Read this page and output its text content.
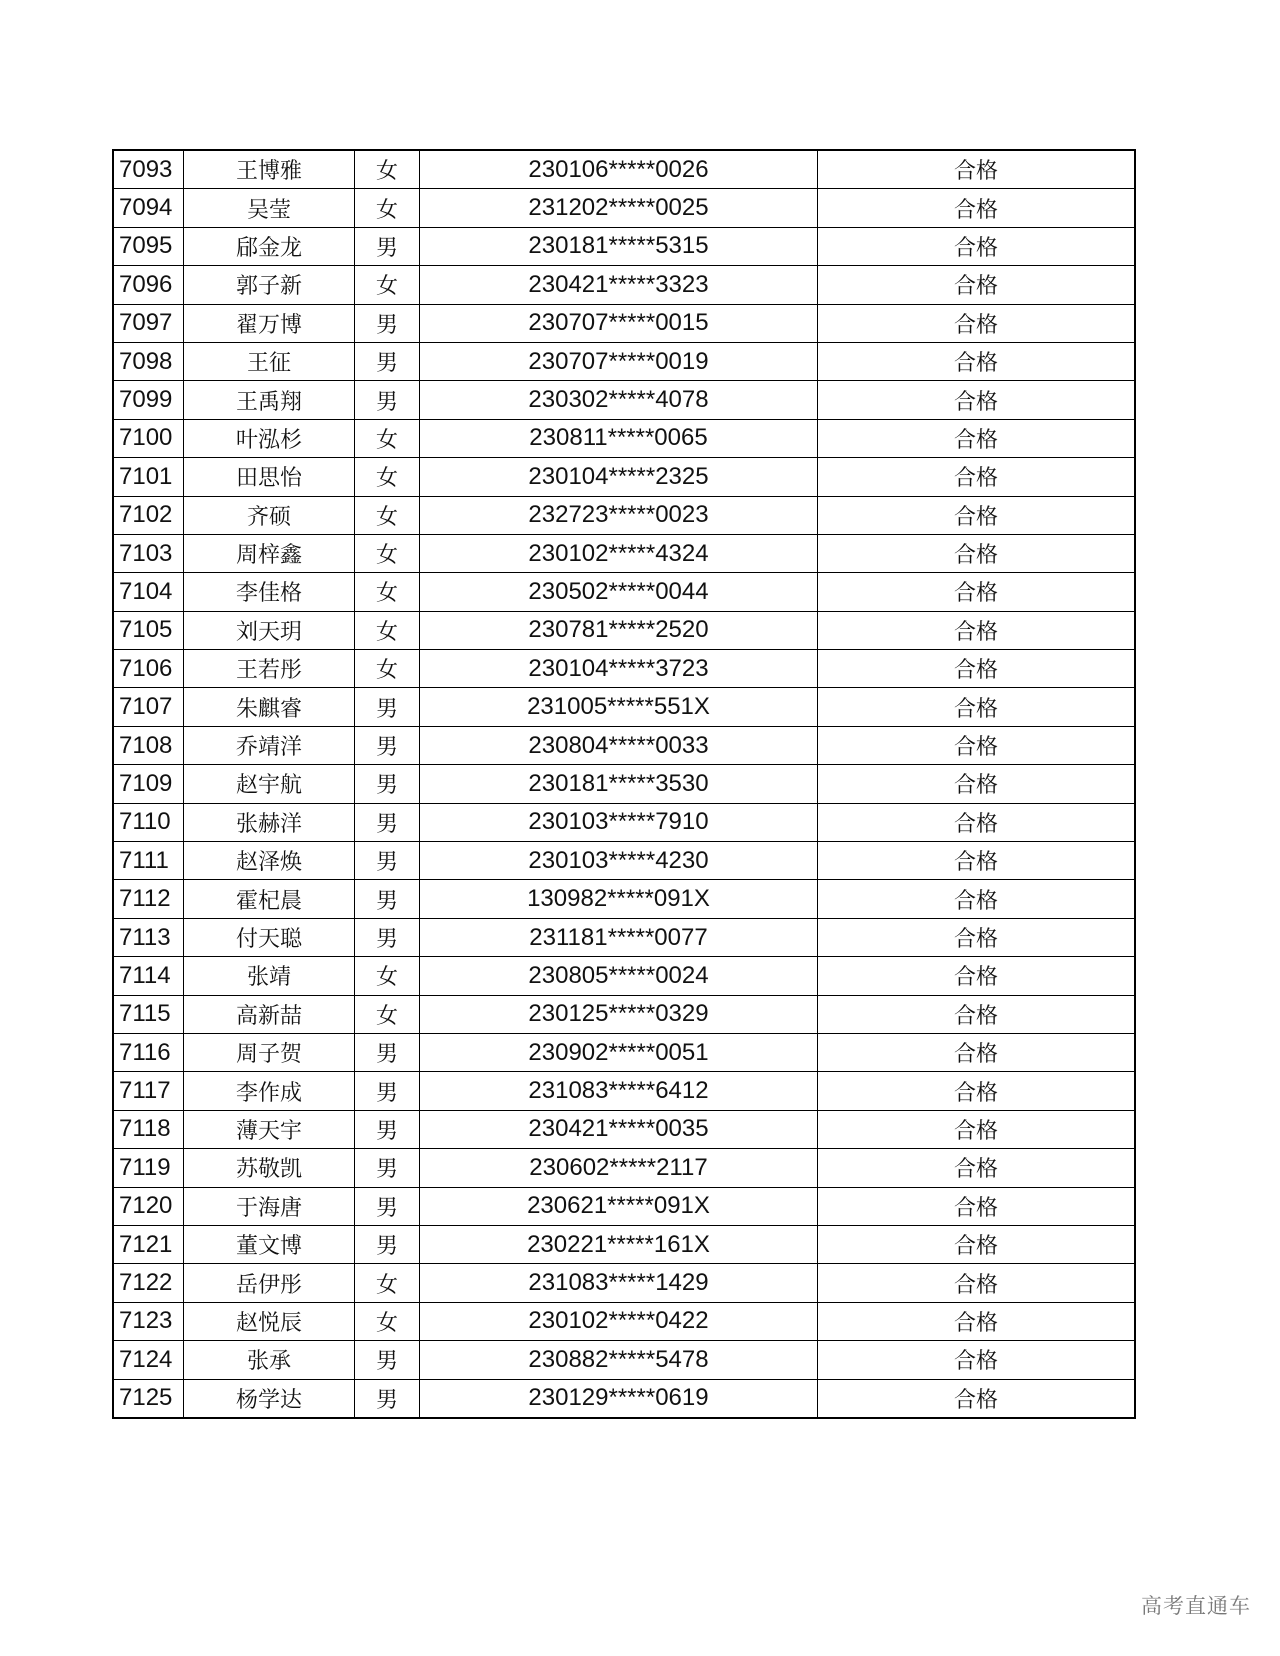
7093	王博雅	女	230106*****0026	合格
7094	吴莹	女	231202*****0025	合格
7095	郈金龙	男	230181*****5315	合格
7096	郭子新	女	230421*****3323	合格
7097	翟万博	男	230707*****0015	合格
7098	王征	男	230707*****0019	合格
7099	王禹翔	男	230302*****4078	合格
7100	叶泓杉	女	230811*****0065	合格
7101	田思怡	女	230104*****2325	合格
7102	齐硕	女	232723*****0023	合格
7103	周梓鑫	女	230102*****4324	合格
7104	李佳格	女	230502*****0044	合格
7105	刘天玥	女	230781*****2520	合格
7106	王若彤	女	230104*****3723	合格
7107	朱麒睿	男	231005*****551X	合格
7108	乔靖洋	男	230804*****0033	合格
7109	赵宇航	男	230181*****3530	合格
7110	张赫洋	男	230103*****7910	合格
7111	赵泽焕	男	230103*****4230	合格
7112	霍杞晨	男	130982*****091X	合格
7113	付天聪	男	231181*****0077	合格
7114	张靖	女	230805*****0024	合格
7115	高新喆	女	230125*****0329	合格
7116	周子贺	男	230902*****0051	合格
7117	李作成	男	231083*****6412	合格
7118	薄天宇	男	230421*****0035	合格
7119	苏敬凯	男	230602*****2117	合格
7120	于海唐	男	230621*****091X	合格
7121	董文博	男	230221*****161X	合格
7122	岳伊彤	女	231083*****1429	合格
7123	赵悦辰	女	230102*****0422	合格
7124	张承	男	230882*****5478	合格
7125	杨学达	男	230129*****0619	合格
高考直通车
